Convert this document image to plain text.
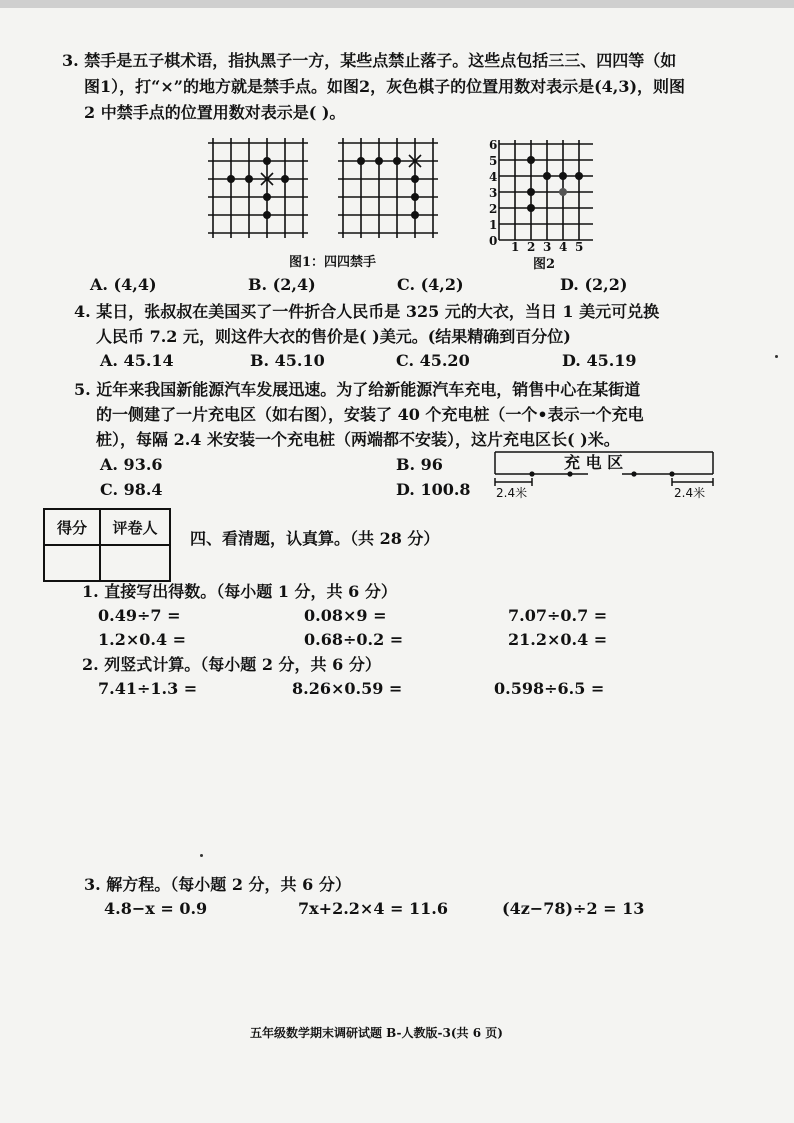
3. 禁手是五子棋术语，指执黑子一方，某些点禁止落子。这些点包括三三、四四等（如
图1），打“×”的地方就是禁手点。如图2，灰色棋子的位置用数对表示是(4,3)，则图
2 中禁手点的位置用数对表示是( )。
图1：四四禁手
6
5
4
3
2
1
0 1 2 3 4 5
图2
A. (4,4)	B. (2,4)	C. (4,2)	D. (2,2)
4. 某日，张叔叔在美国买了一件折合人民币是 325 元的大衣，当日 1 美元可兑换
人民币 7.2 元，则这件大衣的售价是( )美元。(结果精确到百分位)
A. 45.14	B. 45.10	C. 45.20	D. 45.19
5. 近年来我国新能源汽车发展迅速。为了给新能源汽车充电，销售中心在某街道
的一侧建了一片充电区（如右图），安装了 40 个充电桩（一个•表示一个充电
桩），每隔 2.4 米安装一个充电桩（两端都不安装），这片充电区长( )米。
A. 93.6	B. 96
C. 98.4	D. 100.8
充 电 区
2.4米	2.4米
得分	评卷人

四、看清题，认真算。（共 28 分）
1. 直接写出得数。（每小题 1 分，共 6 分）
0.49÷7 =	0.08×9 =	7.07÷0.7 =
1.2×0.4 =	0.68÷0.2 =	21.2×0.4 =
2. 列竖式计算。（每小题 2 分，共 6 分）
7.41÷1.3 =	8.26×0.59 =	0.598÷6.5 =
3. 解方程。（每小题 2 分，共 6 分）
4.8−x = 0.9	7x+2.2×4 = 11.6	(4z−78)÷2 = 13
五年级数学期末调研试题 B-人教版-3(共 6 页)
